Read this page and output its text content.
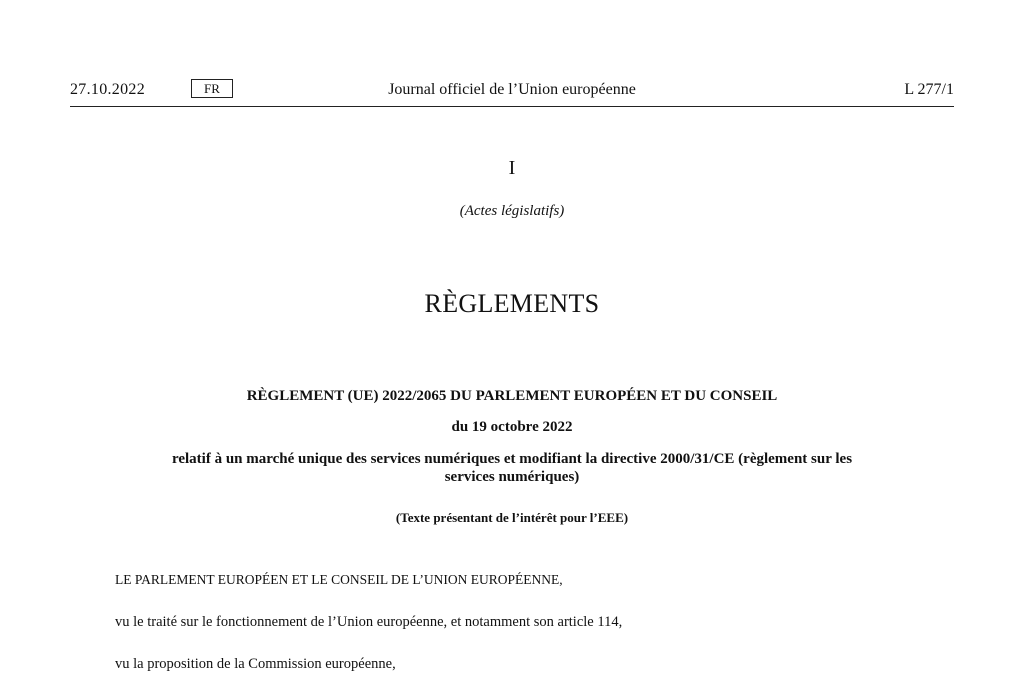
27.10.2022	FR	Journal officiel de l’Union européenne	L 277/1
I
(Actes législatifs)
RÈGLEMENTS
RÈGLEMENT (UE) 2022/2065 DU PARLEMENT EUROPÉEN ET DU CONSEIL
du 19 octobre 2022
relatif à un marché unique des services numériques et modifiant la directive 2000/31/CE (règlement sur les services numériques)
(Texte présentant de l’intérêt pour l’EEE)
LE PARLEMENT EUROPÉEN ET LE CONSEIL DE L’UNION EUROPÉENNE,
vu le traité sur le fonctionnement de l’Union européenne, et notamment son article 114,
vu la proposition de la Commission européenne,
